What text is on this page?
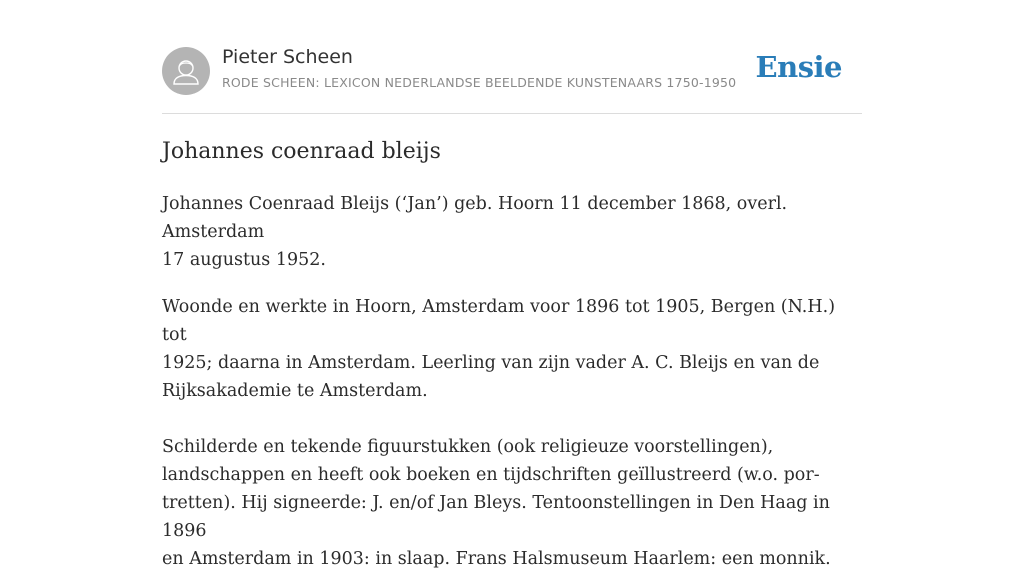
Pieter Scheen
RODE SCHEEN: LEXICON NEDERLANDSE BEELDENDE KUNSTENAARS 1750-1950 Ensie
Johannes coenraad bleijs

Johannes Coenraad Bleijs (‘Jan’) geb. Hoorn 11 december 1868, overl. Amsterdam
17 augustus 1952.

Woonde en werkte in Hoorn, Amsterdam voor 1896 tot 1905, Bergen (N.H.) tot
1925; daarna in Amsterdam. Leerling van zijn vader A. C. Bleijs en van de
Rijksakademie te Amsterdam.

Schilderde en tekende figuurstukken (ook religieuze voorstellingen),
landschappen en heeft ook boeken en tijdschriften geïllustreerd (w.o. por-
tretten). Hij signeerde: J. en/of Jan Bleys. Tentoonstellingen in Den Haag in 1896
en Amsterdam in 1903: in slaap. Frans Halsmuseum Haarlem: een monnik.
